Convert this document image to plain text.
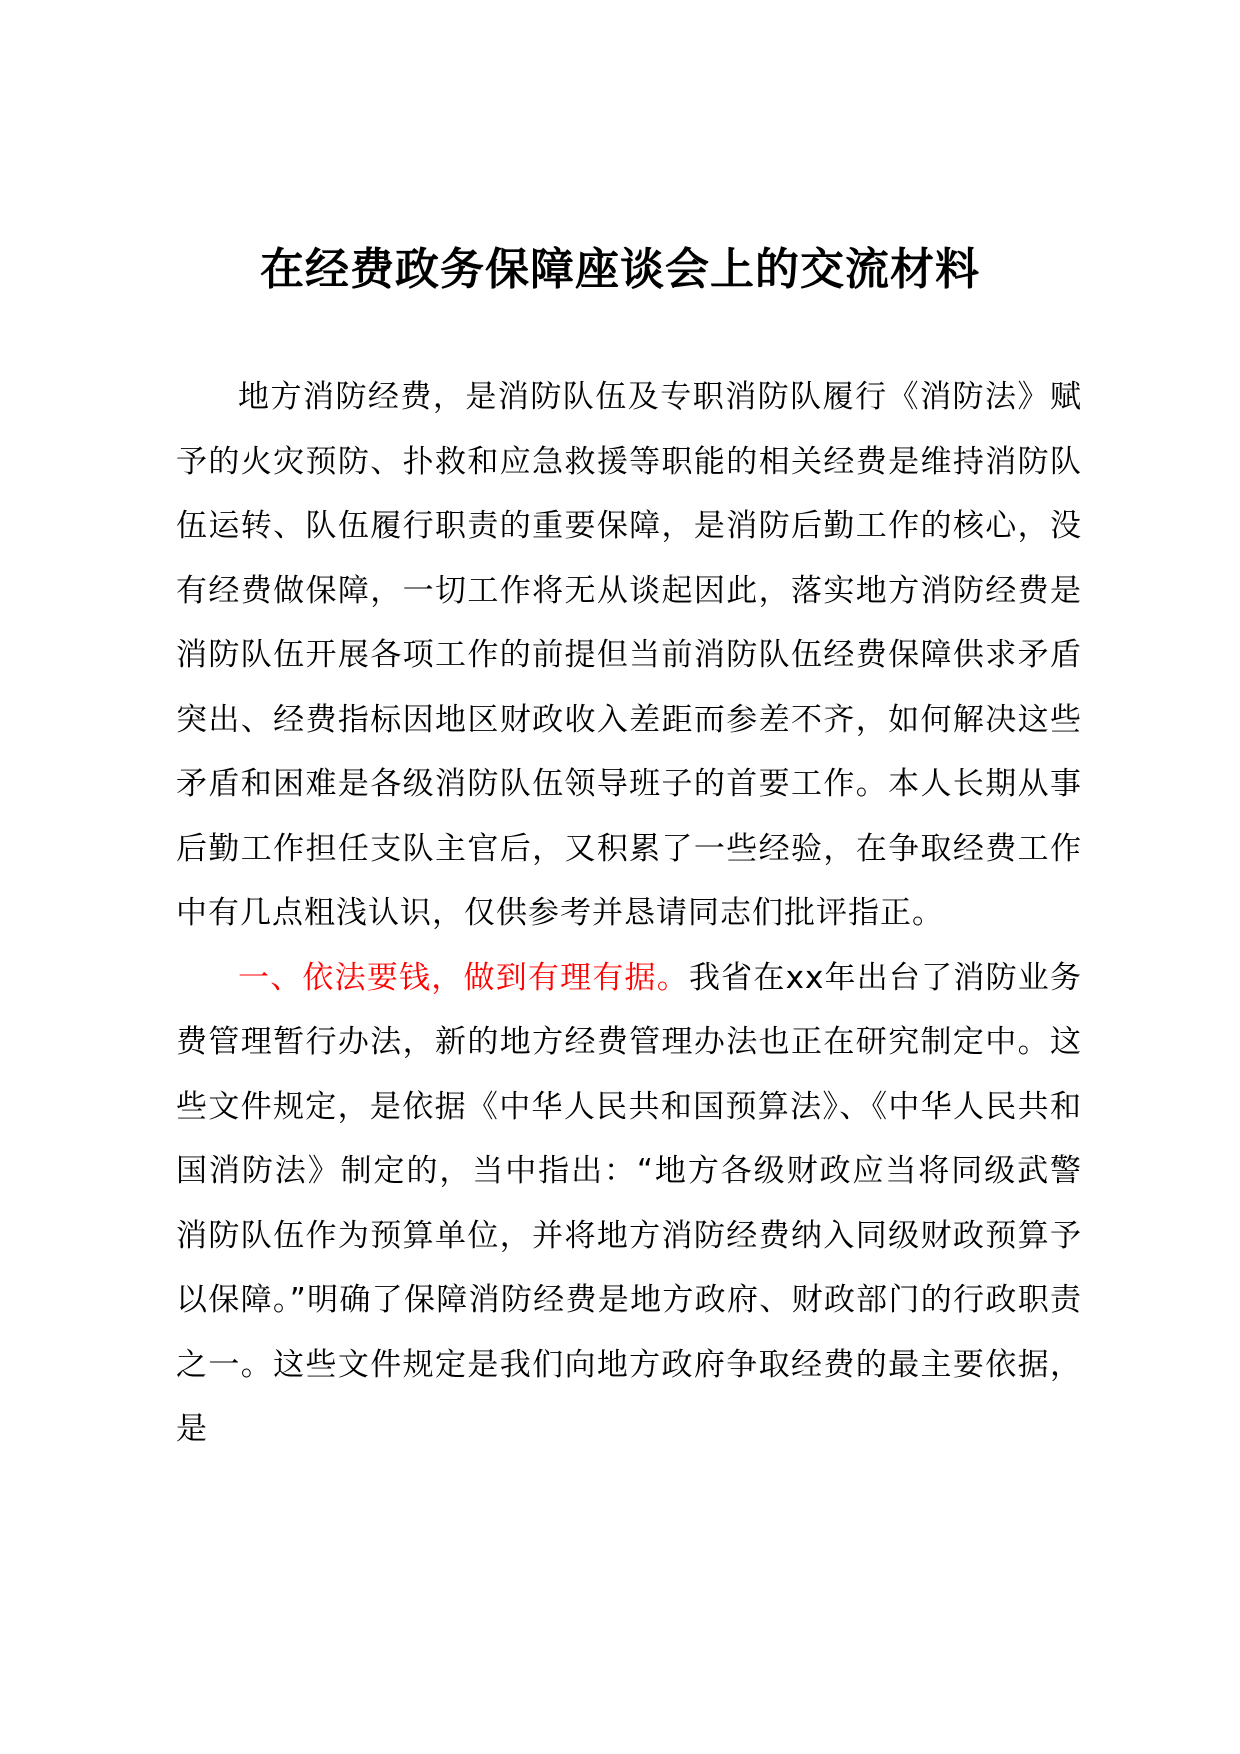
在经费政务保障座谈会上的交流材料

地方消防经费，是消防队伍及专职消防队履行《消防法》赋予的火灾预防、扑救和应急救援等职能的相关经费是维持消防队伍运转、队伍履行职责的重要保障，是消防后勤工作的核心，没有经费做保障，一切工作将无从谈起因此，落实地方消防经费是消防队伍开展各项工作的前提但当前消防队伍经费保障供求矛盾突出、经费指标因地区财政收入差距而参差不齐，如何解决这些矛盾和困难是各级消防队伍领导班子的首要工作。本人长期从事后勤工作担任支队主官后，又积累了一些经验，在争取经费工作中有几点粗浅认识，仅供参考并恳请同志们批评指正。

一、依法要钱，做到有理有据。我省在xx年出台了消防业务费管理暂行办法，新的地方经费管理办法也正在研究制定中。这些文件规定，是依据《中华人民共和国预算法》、《中华人民共和国消防法》制定的，当中指出：“地方各级财政应当将同级武警消防队伍作为预算单位，并将地方消防经费纳入同级财政预算予以保障。”明确了保障消防经费是地方政府、财政部门的行政职责之一。这些文件规定是我们向地方政府争取经费的最主要依据，是
